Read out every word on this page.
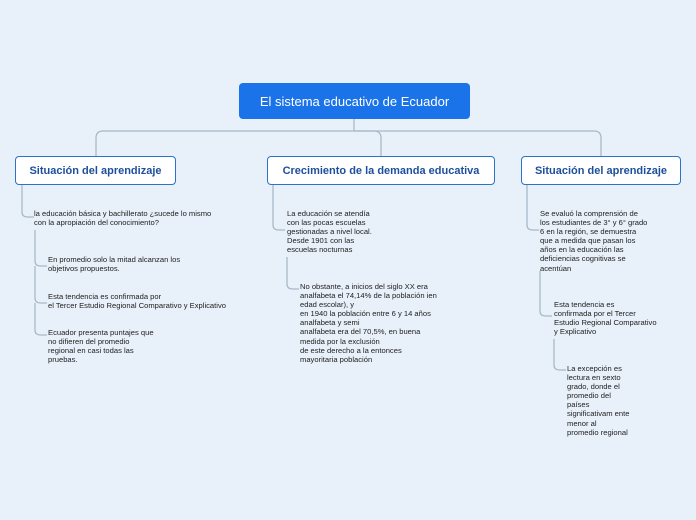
El sistema educativo de Ecuador
Situación del aprendizaje	Crecimiento de la demanda educativa	Situación del aprendizaje
la educación básica y bachillerato ¿sucede lo mismo con la apropiación del conocimiento?
En promedio solo la mitad alcanzan los objetivos propuestos.
Esta tendencia es confirmada por
el Tercer Estudio Regional Comparativo y Explicativo
Ecuador presenta puntajes que
no difieren del promedio
regional en casi todas las
pruebas.
La educación se atendía
con las pocas escuelas
gestionadas a nivel local.
Desde 1901 con las
escuelas nocturnas
No obstante, a inicios del siglo XX era
analfabeta el 74,14% de la población ien
edad escolar), y
en 1940 la población entre 6 y 14 años
analfabeta y semi
analfabeta era del 70,5%, en buena
medida por la exclusión
de este derecho a la entonces
mayoritaria población
Se evaluó la comprensión de
los estudiantes de 3° y 6° grado
6 en la región, se demuestra
que a medida que pasan los
años en la educación las
deficiencias cognitivas se
acentúan
Esta tendencia es
confirmada por el Tercer
Estudio Regional Comparativo
y Explicativo
La excepción es
lectura en sexto
grado, donde el
promedio del
países
significativam ente
menor al
promedio regional
